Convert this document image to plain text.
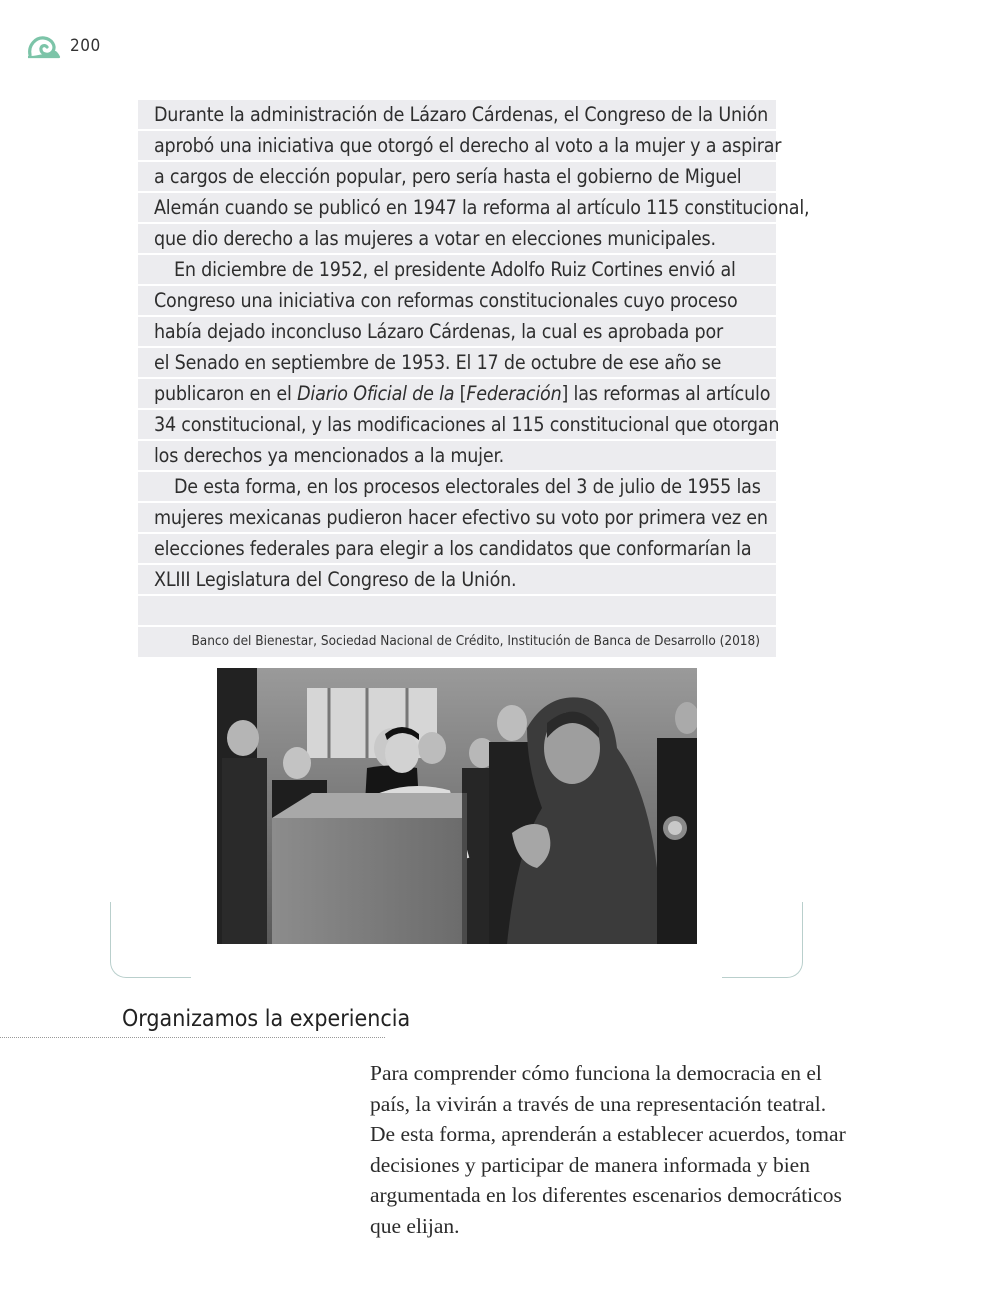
200
Durante la administración de Lázaro Cárdenas, el Congreso de la Unión
aprobó una iniciativa que otorgó el derecho al voto a la mujer y a aspirar
a cargos de elección popular, pero sería hasta el gobierno de Miguel
Alemán cuando se publicó en 1947 la reforma al artículo 115 constitucional,
que dio derecho a las mujeres a votar en elecciones municipales.
En diciembre de 1952, el presidente Adolfo Ruiz Cortines envió al
Congreso una iniciativa con reformas constitucionales cuyo proceso
había dejado inconcluso Lázaro Cárdenas, la cual es aprobada por
el Senado en septiembre de 1953. El 17 de octubre de ese año se
publicaron en el Diario Oficial de la [Federación] las reformas al artículo
34 constitucional, y las modificaciones al 115 constitucional que otorgan
los derechos ya mencionados a la mujer.
De esta forma, en los procesos electorales del 3 de julio de 1955 las
mujeres mexicanas pudieron hacer efectivo su voto por primera vez en
elecciones federales para elegir a los candidatos que conformarían la
XLIII Legislatura del Congreso de la Unión.
Banco del Bienestar, Sociedad Nacional de Crédito, Institución de Banca de Desarrollo (2018)
Organizamos la experiencia
Para comprender cómo funciona la democracia en el
país, la vivirán a través de una representación teatral.
De esta forma, aprenderán a establecer acuerdos, tomar
decisiones y participar de manera informada y bien
argumentada en los diferentes escenarios democráticos
que elijan.
